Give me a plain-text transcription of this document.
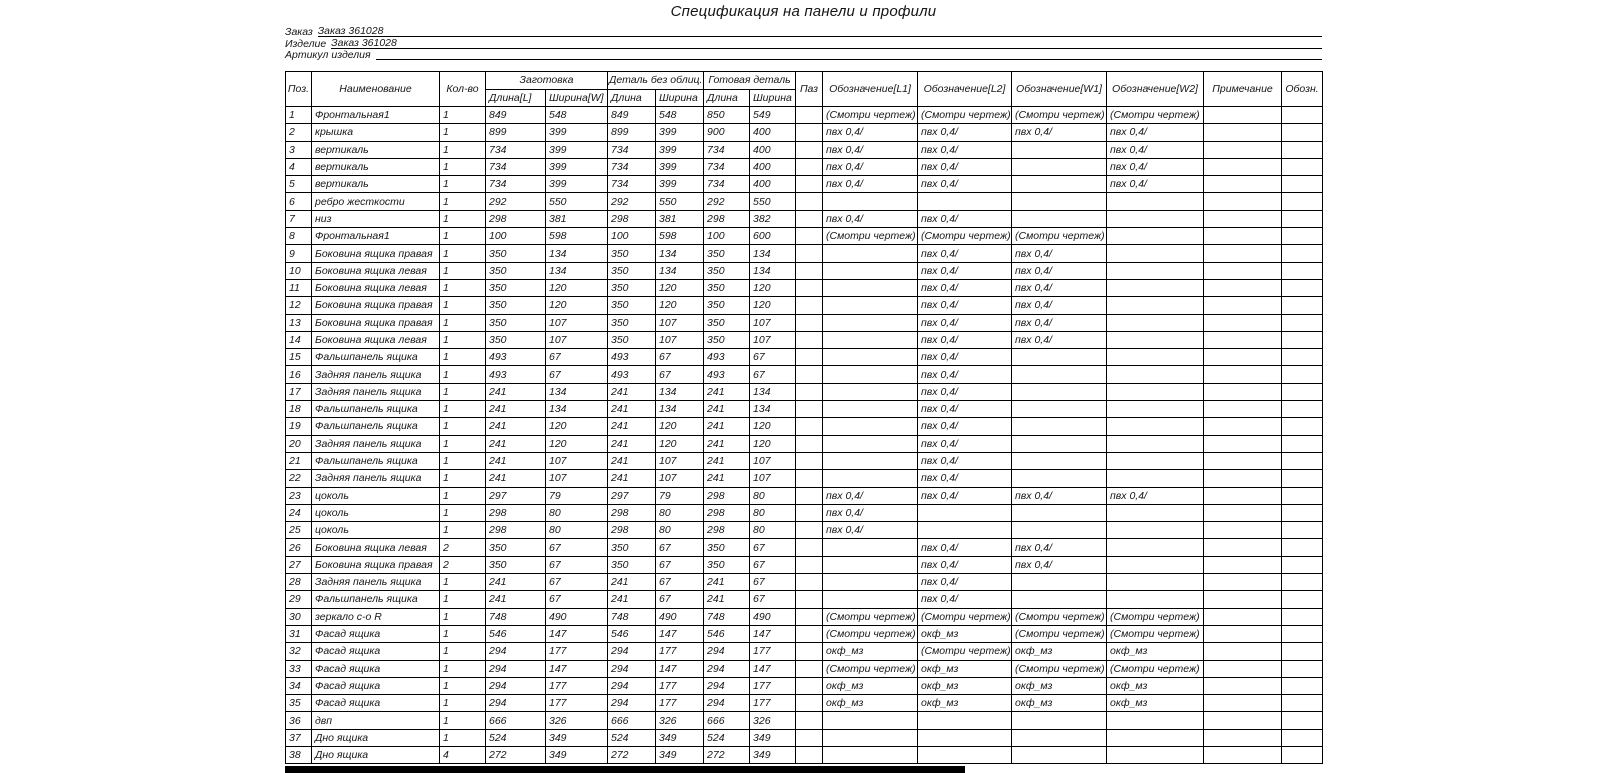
Спецификация на панели и профили
Заказ Заказ 361028
Изделие Заказ 361028
Артикул изделия
Поз.	Наименование	Кол-во	Заготовка		Деталь без облиц.		Готовая деталь		Паз	Обозначение[L1]	Обозначение[L2]	Обозначение[W1]	Обозначение[W2]	Примечание	Обозн.
			Длина[L]	Ширина[W]	Длина	Ширина	Длина	Ширина							
1	Фронтальная1	1	849	548	849	548	850	549		(Смотри чертеж)	(Смотри чертеж)	(Смотри чертеж)	(Смотри чертеж)		
2	крышка	1	899	399	899	399	900	400		пвх 0,4/	пвх 0,4/	пвх 0,4/	пвх 0,4/		
3	вертикаль	1	734	399	734	399	734	400		пвх 0,4/	пвх 0,4/		пвх 0,4/		
4	вертикаль	1	734	399	734	399	734	400		пвх 0,4/	пвх 0,4/		пвх 0,4/		
5	вертикаль	1	734	399	734	399	734	400		пвх 0,4/	пвх 0,4/		пвх 0,4/		
6	ребро жесткости	1	292	550	292	550	292	550							
7	низ	1	298	381	298	381	298	382		пвх 0,4/	пвх 0,4/				
8	Фронтальная1	1	100	598	100	598	100	600		(Смотри чертеж)	(Смотри чертеж)	(Смотри чертеж)			
9	Боковина ящика правая	1	350	134	350	134	350	134			пвх 0,4/	пвх 0,4/			
10	Боковина ящика левая	1	350	134	350	134	350	134			пвх 0,4/	пвх 0,4/			
11	Боковина ящика левая	1	350	120	350	120	350	120			пвх 0,4/	пвх 0,4/			
12	Боковина ящика правая	1	350	120	350	120	350	120			пвх 0,4/	пвх 0,4/			
13	Боковина ящика правая	1	350	107	350	107	350	107			пвх 0,4/	пвх 0,4/			
14	Боковина ящика левая	1	350	107	350	107	350	107			пвх 0,4/	пвх 0,4/			
15	Фальшпанель ящика	1	493	67	493	67	493	67			пвх 0,4/				
16	Задняя панель ящика	1	493	67	493	67	493	67			пвх 0,4/				
17	Задняя панель ящика	1	241	134	241	134	241	134			пвх 0,4/				
18	Фальшпанель ящика	1	241	134	241	134	241	134			пвх 0,4/				
19	Фальшпанель ящика	1	241	120	241	120	241	120			пвх 0,4/				
20	Задняя панель ящика	1	241	120	241	120	241	120			пвх 0,4/				
21	Фальшпанель ящика	1	241	107	241	107	241	107			пвх 0,4/				
22	Задняя панель ящика	1	241	107	241	107	241	107			пвх 0,4/				
23	цоколь	1	297	79	297	79	298	80		пвх 0,4/	пвх 0,4/	пвх 0,4/	пвх 0,4/		
24	цоколь	1	298	80	298	80	298	80		пвх 0,4/					
25	цоколь	1	298	80	298	80	298	80		пвх 0,4/					
26	Боковина ящика левая	2	350	67	350	67	350	67			пвх 0,4/	пвх 0,4/			
27	Боковина ящика правая	2	350	67	350	67	350	67			пвх 0,4/	пвх 0,4/			
28	Задняя панель ящика	1	241	67	241	67	241	67			пвх 0,4/				
29	Фальшпанель ящика	1	241	67	241	67	241	67			пвх 0,4/				
30	зеркало с-о R	1	748	490	748	490	748	490		(Смотри чертеж)	(Смотри чертеж)	(Смотри чертеж)	(Смотри чертеж)		
31	Фасад ящика	1	546	147	546	147	546	147		(Смотри чертеж)	окф_мз	(Смотри чертеж)	(Смотри чертеж)		
32	Фасад ящика	1	294	177	294	177	294	177		окф_мз	(Смотри чертеж)	окф_мз	окф_мз		
33	Фасад ящика	1	294	147	294	147	294	147		(Смотри чертеж)	окф_мз	(Смотри чертеж)	(Смотри чертеж)		
34	Фасад ящика	1	294	177	294	177	294	177		окф_мз	окф_мз	окф_мз	окф_мз		
35	Фасад ящика	1	294	177	294	177	294	177		окф_мз	окф_мз	окф_мз	окф_мз		
36	двп	1	666	326	666	326	666	326							
37	Дно ящика	1	524	349	524	349	524	349							
38	Дно ящика	4	272	349	272	349	272	349							
